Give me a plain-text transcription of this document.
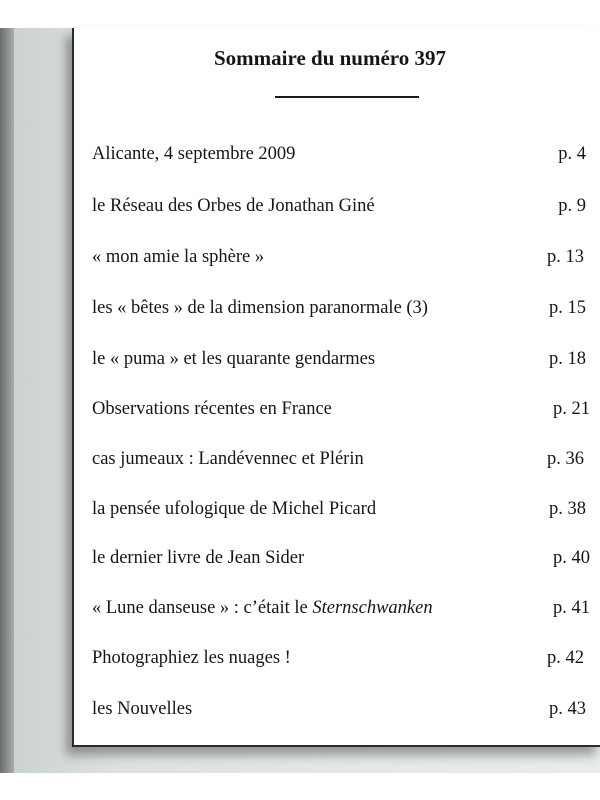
Sommaire du numéro 397
Alicante, 4 septembre 2009	p. 4
le Réseau des Orbes de Jonathan Giné	p. 9
« mon amie la sphère »	p. 13
les « bêtes » de la dimension paranormale (3)	p. 15
le « puma » et les quarante gendarmes	p. 18
Observations récentes en France	p. 21
cas jumeaux : Landévennec et Plérin	p. 36
la pensée ufologique de Michel Picard	p. 38
le dernier livre de Jean Sider	p. 40
« Lune danseuse » : c’était le Sternschwanken	p. 41
Photographiez les nuages !	p. 42
les Nouvelles	p. 43
